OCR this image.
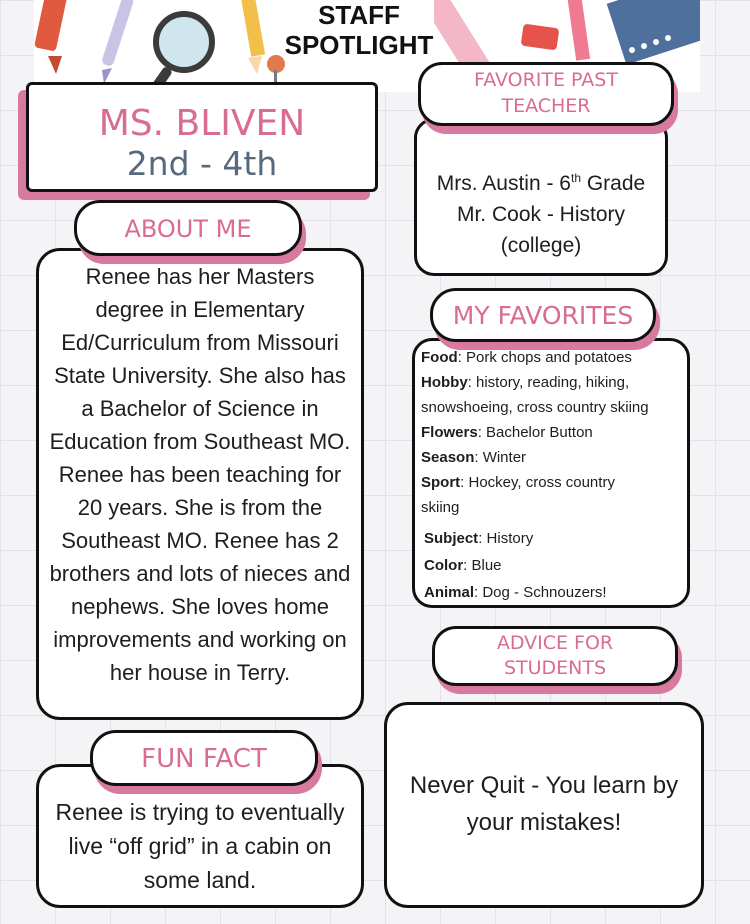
STAFF
SPOTLIGHT
MS. BLIVEN
2nd - 4th
Renee has her Masters degree in Elementary Ed/Curriculum from Missouri State University. She also has a Bachelor of Science in Education from Southeast MO. Renee has been teaching for 20 years. She is from the Southeast MO. Renee has 2 brothers and lots of nieces and nephews. She loves home improvements and working on her house in Terry.
ABOUT ME
Renee is trying to eventually live “off grid” in a cabin on some land.
FUN FACT
Mrs. Austin - 6th Grade
Mr. Cook - History
(college)
FAVORITE PAST
TEACHER
Food: Pork chops and potatoes
Hobby: history, reading, hiking,
snowshoeing, cross country skiing
Flowers: Bachelor Button
Season: Winter
Sport: Hockey, cross country
skiing
Subject: History
Color: Blue
Animal: Dog - Schnouzers!
MY FAVORITES
Never Quit - You learn by your mistakes!
ADVICE FOR
STUDENTS
